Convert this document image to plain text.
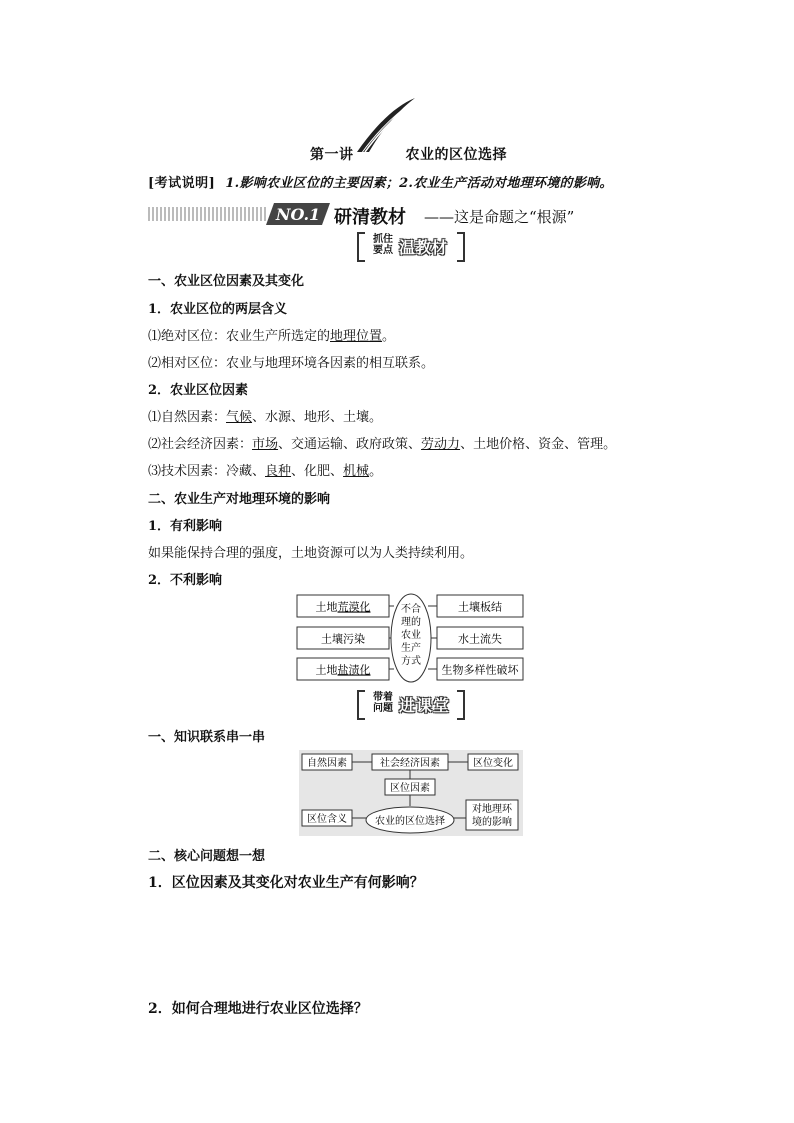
第一讲	农业的区位选择
[考试说明] 1.影响农业区位的主要因素；2.农业生产活动对地理环境的影响。
NO.1 研清教材 ——这是命题之“根源”
抓住
要点 温教材
一、农业区位因素及其变化
1．农业区位的两层含义
⑴绝对区位：农业生产所选定的地理位置。
⑵相对区位：农业与地理环境各因素的相互联系。
2．农业区位因素
⑴自然因素：气候、水源、地形、土壤。
⑵社会经济因素：市场、交通运输、政府政策、劳动力、土地价格、资金、管理。
⑶技术因素：冷藏、良种、化肥、机械。
二、农业生产对地理环境的影响
1．有利影响
如果能保持合理的强度，土地资源可以为人类持续利用。
2．不利影响
土地荒漠化
土壤污染
土地盐渍化
土壤板结
水土流失
生物多样性破坏
不合
理的
农业
生产
方式
带着
问题 进课堂
一、知识联系串一串
自然因素	社会经济因素	区位变化
区位因素
区位含义	农业的区位选择
对地理环
境的影响
二、核心问题想一想
1．区位因素及其变化对农业生产有何影响？
2．如何合理地进行农业区位选择？
